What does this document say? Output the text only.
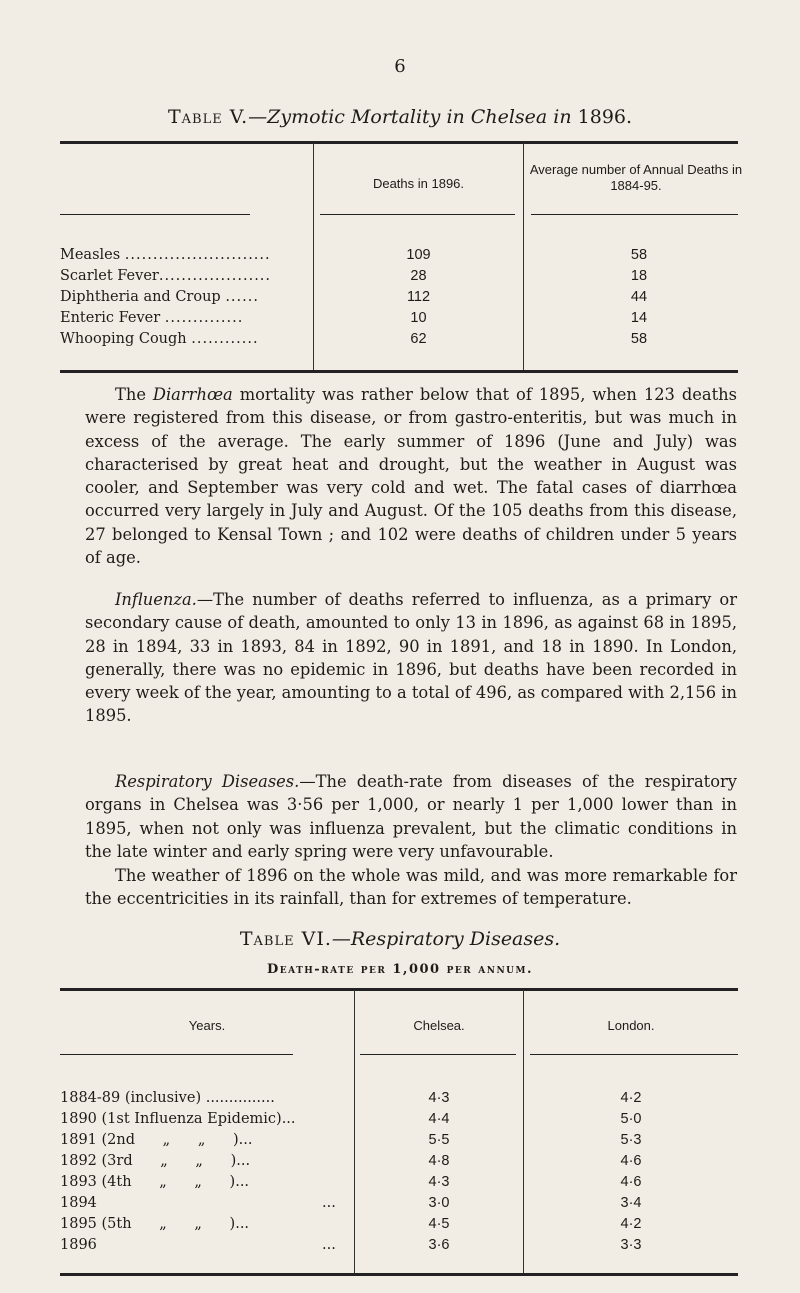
6
Table V.—Zymotic Mortality in Chelsea in 1896.
Deaths in 1896.
Average number of Annual Deaths in 1884-95.
Measles ..........................	109	58
Scarlet Fever....................	28	18
Diphtheria and Croup ......	112	44
Enteric Fever ..............	10	14
Whooping Cough ............	62	58

The Diarrhœa mortality was rather below that of 1895, when 123 deaths were registered from this disease, or from gastro-enteritis, but was much in excess of the average. The early summer of 1896 (June and July) was characterised by great heat and drought, but the weather in August was cooler, and September was very cold and wet. The fatal cases of diarrhœa occurred very largely in July and August. Of the 105 deaths from this disease, 27 belonged to Kensal Town ; and 102 were deaths of children under 5 years of age.

Influenza.—The number of deaths referred to influenza, as a primary or secondary cause of death, amounted to only 13 in 1896, as against 68 in 1895, 28 in 1894, 33 in 1893, 84 in 1892, 90 in 1891, and 18 in 1890. In London, generally, there was no epidemic in 1896, but deaths have been recorded in every week of the year, amounting to a total of 496, as compared with 2,156 in 1895.

Respiratory Diseases.—The death-rate from diseases of the respiratory organs in Chelsea was 3·56 per 1,000, or nearly 1 per 1,000 lower than in 1895, when not only was influenza prevalent, but the climatic conditions in the late winter and early spring were very unfavourable.

The weather of 1896 on the whole was mild, and was more remarkable for the eccentricities in its rainfall, than for extremes of temperature.

Table VI.—Respiratory Diseases.
Death-rate per 1,000 per annum.
Years.	Chelsea.	London.
1884-89 (inclusive) ...............	4·3	4·2
1890 (1st Influenza Epidemic)...	4·4	5·0
1891 (2nd      „      „      )...	5·5	5·3
1892 (3rd      „      „      )...	4·8	4·6
1893 (4th      „      „      )...	4·3	4·6
1894	...	3·0	3·4
1895 (5th      „      „      )...	4·5	4·2
1896	...	3·6	3·3
